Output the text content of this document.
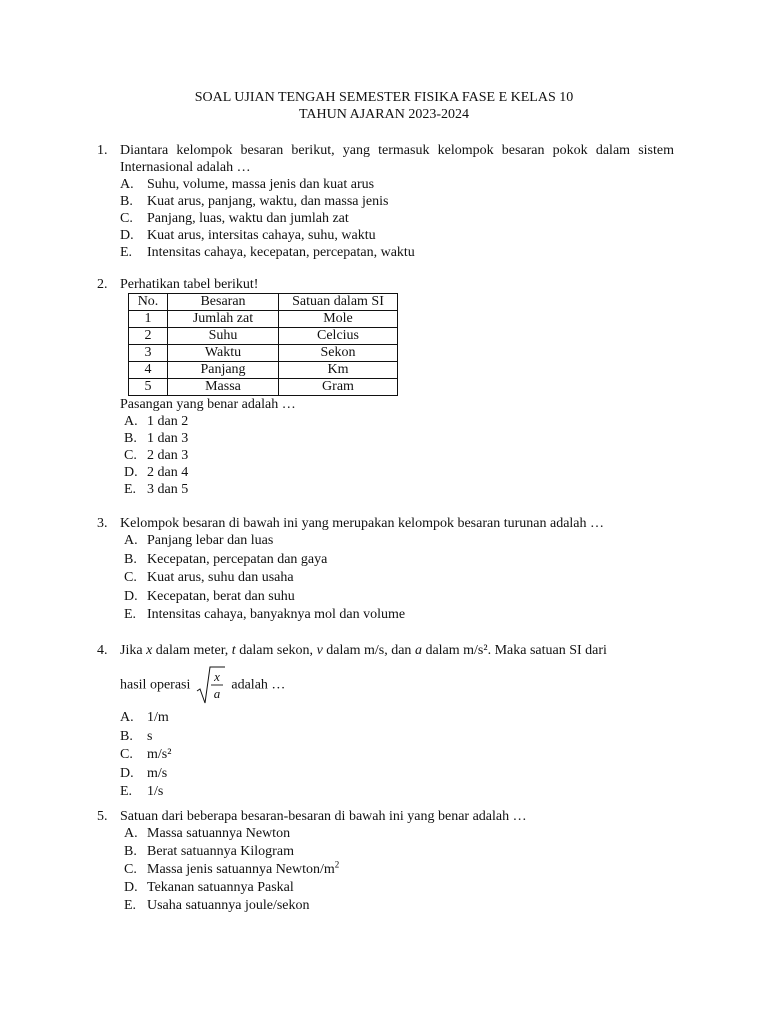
SOAL UJIAN TENGAH SEMESTER FISIKA FASE E KELAS 10
TAHUN AJARAN 2023-2024
1. Diantara kelompok besaran berikut, yang termasuk kelompok besaran pokok dalam sistem Internasional adalah …
A. Suhu, volume, massa jenis dan kuat arus
B. Kuat arus, panjang, waktu, dan massa jenis
C. Panjang, luas, waktu dan jumlah zat
D. Kuat arus, intersitas cahaya, suhu, waktu
E. Intensitas cahaya, kecepatan, percepatan, waktu
2. Perhatikan tabel berikut!
No.	Besaran	Satuan dalam SI
1	Jumlah zat	Mole
2	Suhu	Celcius
3	Waktu	Sekon
4	Panjang	Km
5	Massa	Gram
Pasangan yang benar adalah …
A. 1 dan 2
B. 1 dan 3
C. 2 dan 3
D. 2 dan 4
E. 3 dan 5
3. Kelompok besaran di bawah ini yang merupakan kelompok besaran turunan adalah …
A. Panjang lebar dan luas
B. Kecepatan, percepatan dan gaya
C. Kuat arus, suhu dan usaha
D. Kecepatan, berat dan suhu
E. Intensitas cahaya, banyaknya mol dan volume
4. Jika x dalam meter, t dalam sekon, v dalam m/s, dan a dalam m/s². Maka satuan SI dari
hasil operasi
x
a
adalah …
A. 1/m
B. s
C. m/s²
D. m/s
E. 1/s
5. Satuan dari beberapa besaran-besaran di bawah ini yang benar adalah …
A. Massa satuannya Newton
B. Berat satuannya Kilogram
C. Massa jenis satuannya Newton/$m^2$
D. Tekanan satuannya Paskal
E. Usaha satuannya joule/sekon
